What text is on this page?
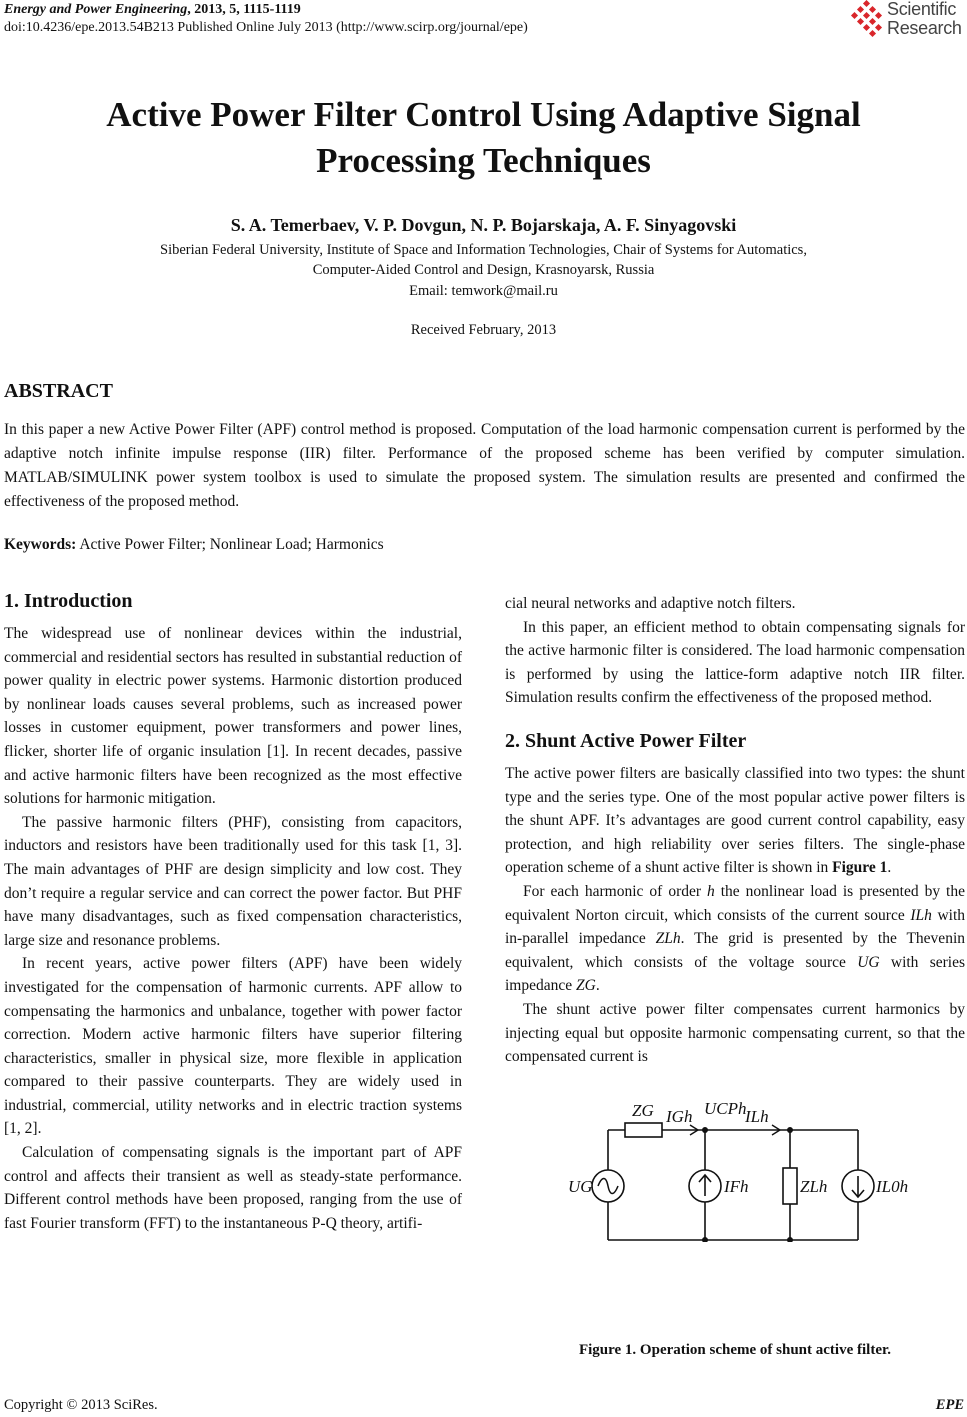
Energy and Power Engineering, 2013, 5, 1115-1119
doi:10.4236/epe.2013.54B213 Published Online July 2013 (http://www.scirp.org/journal/epe)
Scientific
Research
Active Power Filter Control Using Adaptive Signal
Processing Techniques
S. A. Temerbaev, V. P. Dovgun, N. P. Bojarskaja, A. F. Sinyagovski
Siberian Federal University, Institute of Space and Information Technologies, Chair of Systems for Automatics,
Computer-Aided Control and Design, Krasnoyarsk, Russia
Email: temwork@mail.ru
Received February, 2013
ABSTRACT
In this paper a new Active Power Filter (APF) control method is proposed. Computation of the load harmonic compensation current is performed by the adaptive notch infinite impulse response (IIR) filter. Performance of the proposed scheme has been verified by computer simulation. MATLAB/SIMULINK power system toolbox is used to simulate the proposed system. The simulation results are presented and confirmed the effectiveness of the proposed method.
Keywords: Active Power Filter; Nonlinear Load; Harmonics
1. Introduction

The widespread use of nonlinear devices within the industrial, commercial and residential sectors has resulted in substantial reduction of power quality in electric power systems. Harmonic distortion produced by nonlinear loads causes several problems, such as increased power losses in customer equipment, power transformers and power lines, flicker, shorter life of organic insulation [1]. In recent decades, passive and active harmonic filters have been recognized as the most effective solutions for harmonic mitigation.

The passive harmonic filters (PHF), consisting from capacitors, inductors and resistors have been traditionally used for this task [1, 3]. The main advantages of PHF are design simplicity and low cost. They don’t require a regular service and can correct the power factor. But PHF have many disadvantages, such as fixed compensation characteristics, large size and resonance problems.

In recent years, active power filters (APF) have been widely investigated for the compensation of harmonic currents. APF allow to compensating the harmonics and unbalance, together with power factor correction. Modern active harmonic filters have superior filtering characteristics, smaller in physical size, more flexible in application compared to their passive counterparts. They are widely used in industrial, commercial, utility networks and in electric traction systems [1, 2].

Calculation of compensating signals is the important part of APF control and affects their transient as well as steady-state performance. Different control methods have been proposed, ranging from the use of fast Fourier transform (FFT) to the instantaneous P-Q theory, artifi-

cial neural networks and adaptive notch filters.

In this paper, an efficient method to obtain compensating signals for the active harmonic filter is considered. The load harmonic compensation is performed by using the lattice-form adaptive notch IIR filter. Simulation results confirm the effectiveness of the proposed method.

2. Shunt Active Power Filter

The active power filters are basically classified into two types: the shunt type and the series type. One of the most popular active power filters is the shunt APF. It’s advantages are good current control capability, easy protection, and high reliability over series filters. The single-phase operation scheme of a shunt active filter is shown in Figure 1.

For each harmonic of order h the nonlinear load is presented by the equivalent Norton circuit, which consists of the current source ILh with in-parallel impedance ZLh. The grid is presented by the Thevenin equivalent, which consists of the voltage source UG with series impedance ZG.

The shunt active power filter compensates current harmonics by injecting equal but opposite harmonic compensating current, so that the compensated current is

ZG IGh UCPh
ILh
UG	IFh	ZLh	IL0h
Figure 1. Operation scheme of shunt active filter.
Copyright © 2013 SciRes.	EPE
